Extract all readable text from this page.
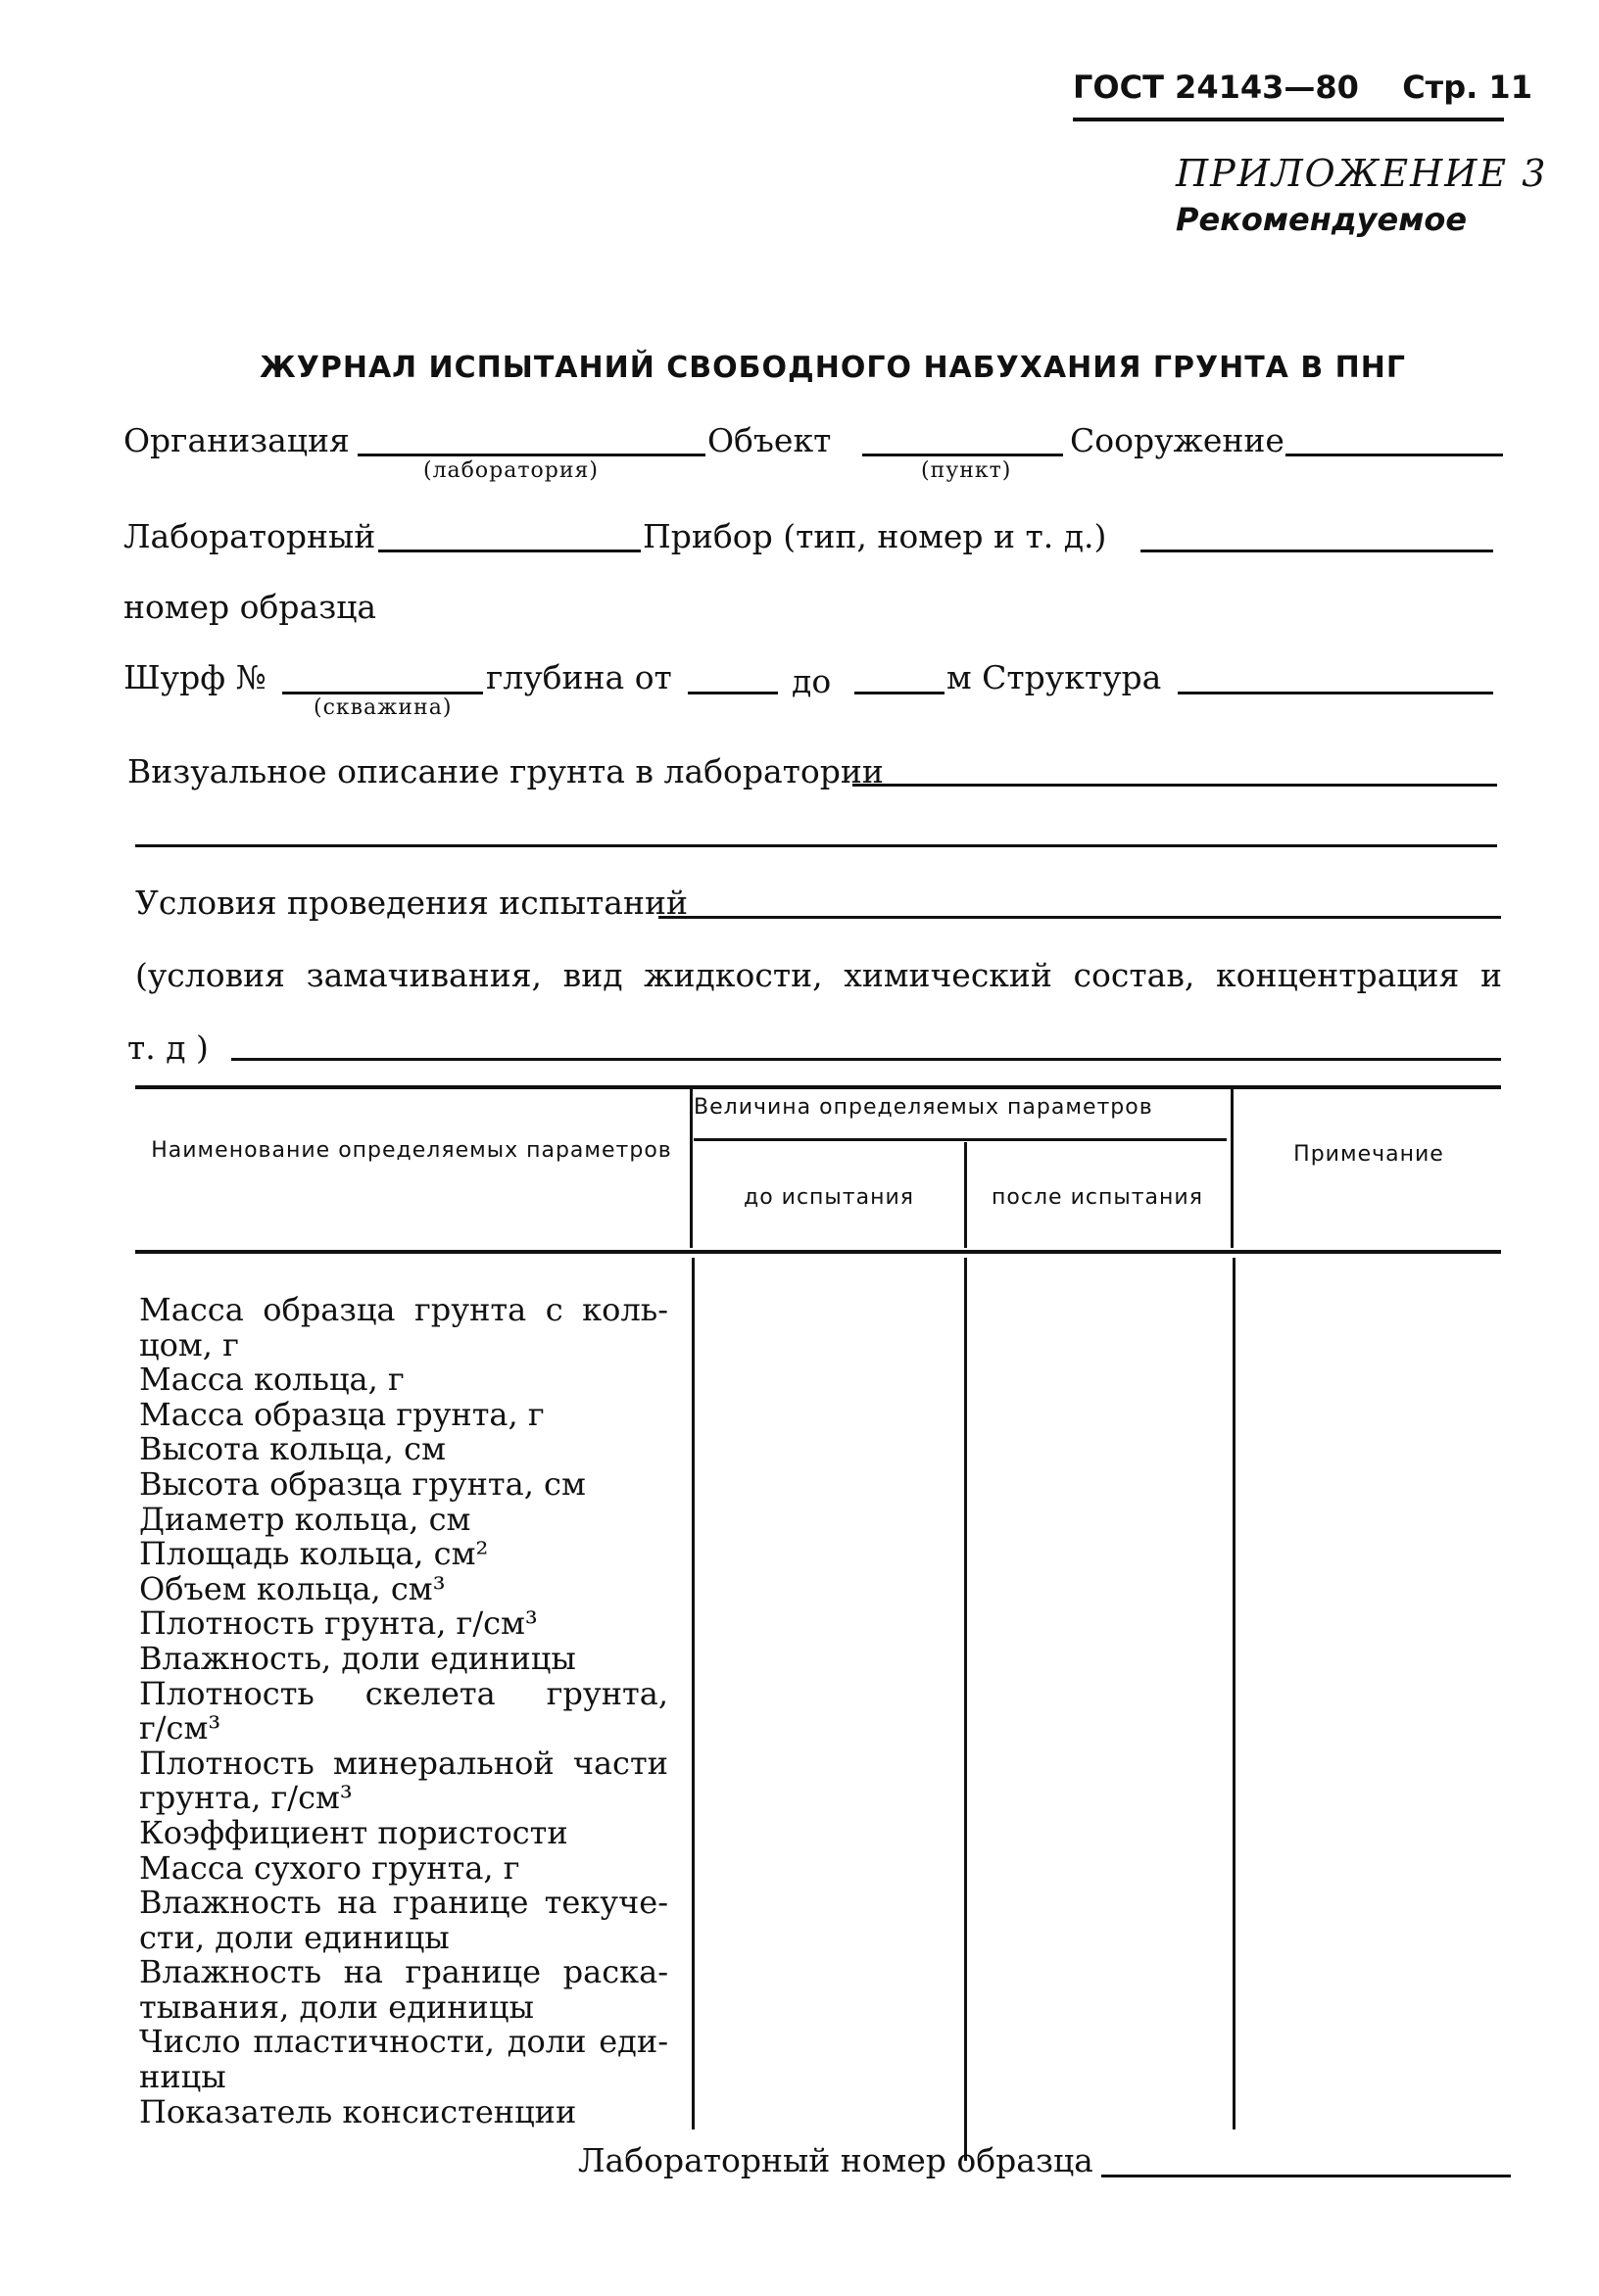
ГОСТ 24143—80 Стр. 11
ПРИЛОЖЕНИЕ 3
Рекомендуемое
ЖУРНАЛ ИСПЫТАНИЙ СВОБОДНОГО НАБУХАНИЯ ГРУНТА В ПНГ
Организация
(лаборатория)
Объект
(пункт)
Сооружение
Лабораторный	Прибор (тип, номер и т. д.)
номер образца
Шурф №
(скважина)
глубина от	до	м Структура
Визуальное описание грунта в лаборатории
Условия проведения испытаний
(условия замачивания, вид жидкости, химический состав, концентрация и
т. д )
Наименование определяемых параметров
Величина определяемых параметров
до испытания	после испытания
Примечание
Масса образца грунта с коль-
цом, г
Масса кольца, г
Масса образца грунта, г
Высота кольца, см
Высота образца грунта, см
Диаметр кольца, см
Площадь кольца, см²
Объем кольца, см³
Плотность грунта, г/см³
Влажность, доли единицы
Плотность скелета грунта,
г/см³
Плотность минеральной части
грунта, г/см³
Коэффициент пористости
Масса сухого грунта, г
Влажность на границе текуче-
сти, доли единицы
Влажность на границе раска-
тывания, доли единицы
Число пластичности, доли еди-
ницы
Показатель консистенции
Лабораторный номер образца
